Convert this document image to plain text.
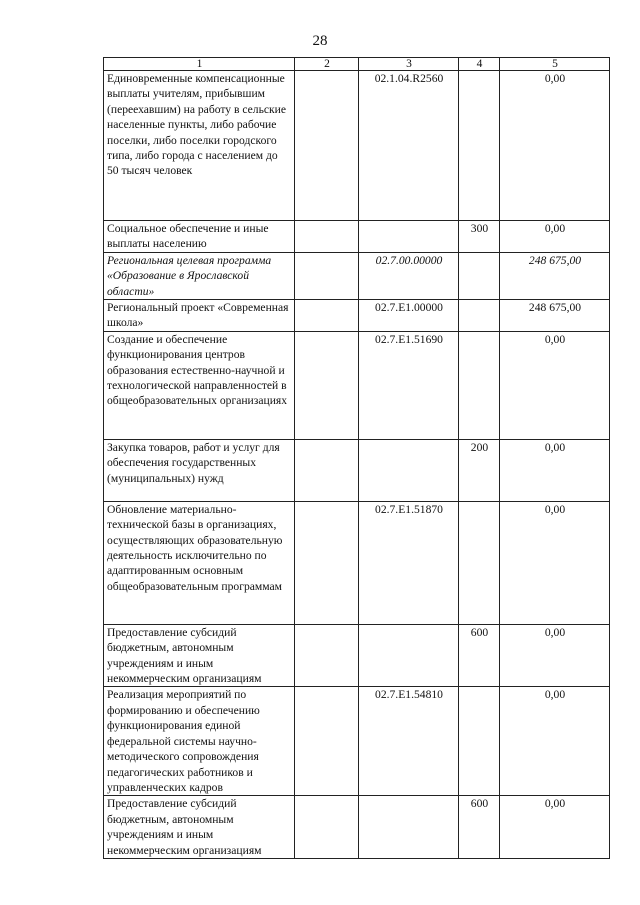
28
1	2	3	4	5
Единовременные компенсационные выплаты учителям, прибывшим (переехавшим) на работу в сельские населенные пункты, либо рабочие поселки, либо поселки городского типа, либо города с населением до 50 тысяч человек		02.1.04.R2560		0,00
Социальное обеспечение и иные выплаты населению			300	0,00
Региональная целевая программа «Образование в Ярославской области»		02.7.00.00000		248 675,00
Региональный проект «Современная школа»		02.7.E1.00000		248 675,00
Создание и обеспечение функционирования центров образования естественно-научной и технологической направленностей в общеобразовательных организациях		02.7.E1.51690		0,00
Закупка товаров, работ и услуг для обеспечения государственных (муниципальных) нужд			200	0,00
Обновление материально-технической базы в организациях, осуществляющих образовательную деятельность исключительно по адаптированным основным общеобразовательным программам		02.7.E1.51870		0,00
Предоставление субсидий бюджетным, автономным учреждениям и иным некоммерческим организациям			600	0,00
Реализация мероприятий по формированию и обеспечению функционирования единой федеральной системы научно-методического сопровождения педагогических работников и управленческих кадров		02.7.E1.54810		0,00
Предоставление субсидий бюджетным, автономным учреждениям и иным некоммерческим организациям			600	0,00
